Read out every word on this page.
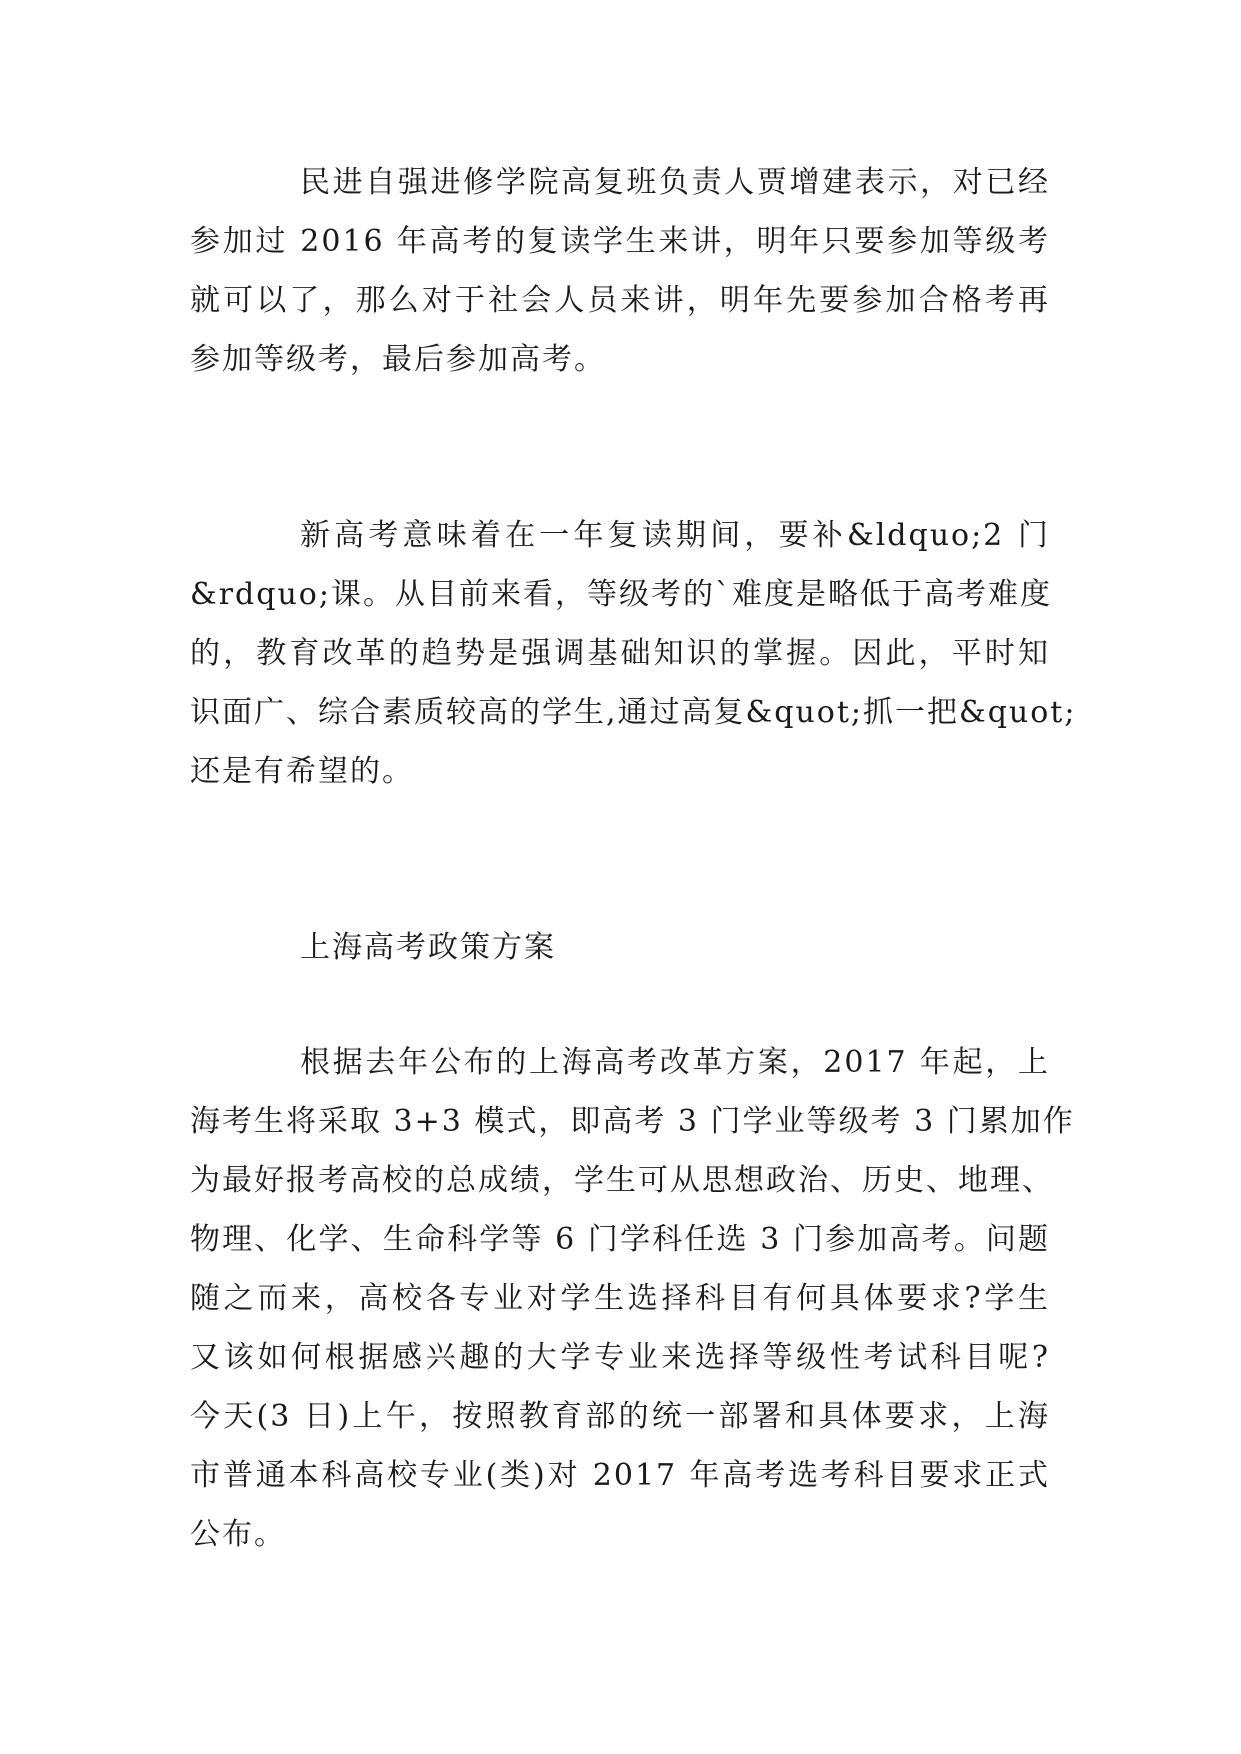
民进自强进修学院高复班负责人贾增建表示，对已经
参加过 2016 年高考的复读学生来讲，明年只要参加等级考
就可以了，那么对于社会人员来讲，明年先要参加合格考再
参加等级考，最后参加高考。
新高考意味着在一年复读期间，要补&ldquo;2 门
&rdquo;课。从目前来看，等级考的`难度是略低于高考难度
的，教育改革的趋势是强调基础知识的掌握。因此，平时知
识面广、综合素质较高的学生,通过高复&quot;抓一把&quot;
还是有希望的。
上海高考政策方案
根据去年公布的上海高考改革方案，2017 年起，上
海考生将采取 3+3 模式，即高考 3 门学业等级考 3 门累加作
为最好报考高校的总成绩，学生可从思想政治、历史、地理、
物理、化学、生命科学等 6 门学科任选 3 门参加高考。问题
随之而来，高校各专业对学生选择科目有何具体要求?学生
又该如何根据感兴趣的大学专业来选择等级性考试科目呢?
今天(3 日)上午，按照教育部的统一部署和具体要求，上海
市普通本科高校专业(类)对 2017 年高考选考科目要求正式
公布。
